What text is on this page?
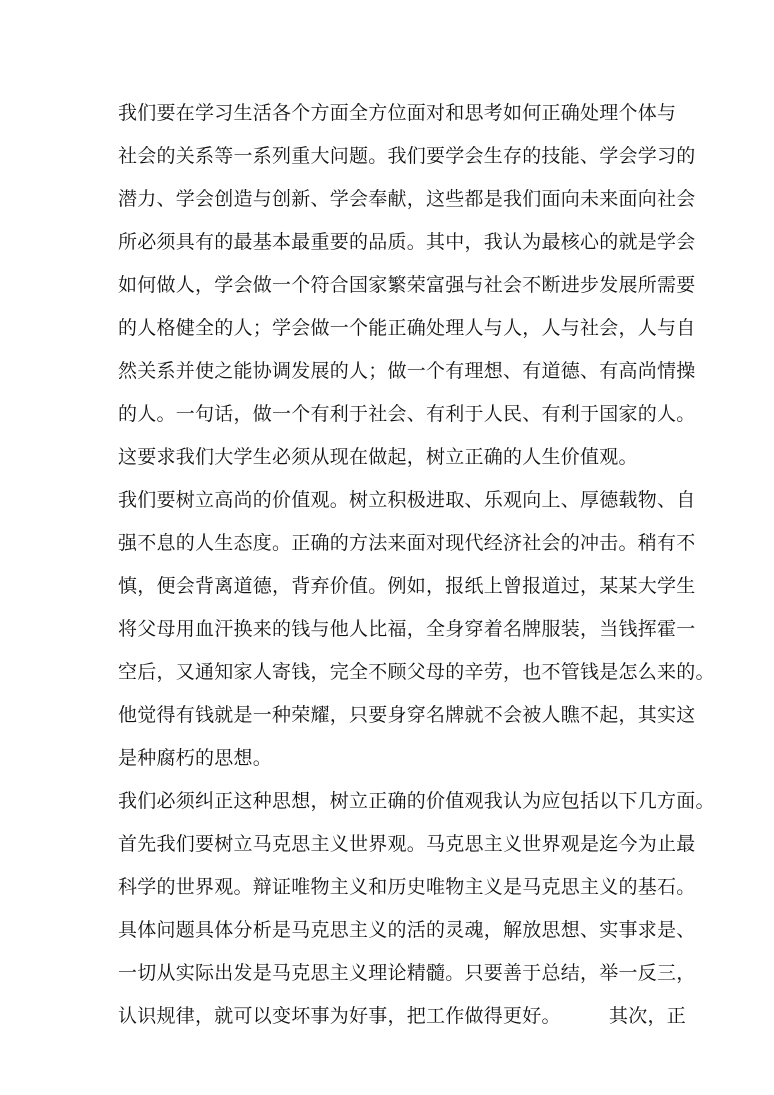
我们要在学习生活各个方面全方位面对和思考如何正确处理个体与

社会的关系等一系列重大问题。我们要学会生存的技能、学会学习的

潜力、学会创造与创新、学会奉献，这些都是我们面向未来面向社会

所必须具有的最基本最重要的品质。其中，我认为最核心的就是学会

如何做人，学会做一个符合国家繁荣富强与社会不断进步发展所需要

的人格健全的人；学会做一个能正确处理人与人，人与社会，人与自

然关系并使之能协调发展的人；做一个有理想、有道德、有高尚情操

的人。一句话，做一个有利于社会、有利于人民、有利于国家的人。

这要求我们大学生必须从现在做起，树立正确的人生价值观。

我们要树立高尚的价值观。树立积极进取、乐观向上、厚德载物、自

强不息的人生态度。正确的方法来面对现代经济社会的冲击。稍有不

慎，便会背离道德，背弃价值。例如，报纸上曾报道过，某某大学生

将父母用血汗换来的钱与他人比福，全身穿着名牌服装，当钱挥霍一

空后，又通知家人寄钱，完全不顾父母的辛劳，也不管钱是怎么来的。

他觉得有钱就是一种荣耀，只要身穿名牌就不会被人瞧不起，其实这

是种腐朽的思想。

我们必须纠正这种思想，树立正确的价值观我认为应包括以下几方面。

首先我们要树立马克思主义世界观。马克思主义世界观是迄今为止最

科学的世界观。辩证唯物主义和历史唯物主义是马克思主义的基石。

具体问题具体分析是马克思主义的活的灵魂，解放思想、实事求是、

一切从实际出发是马克思主义理论精髓。只要善于总结，举一反三，

认识规律，就可以变坏事为好事，把工作做得更好。　　　其次，正
